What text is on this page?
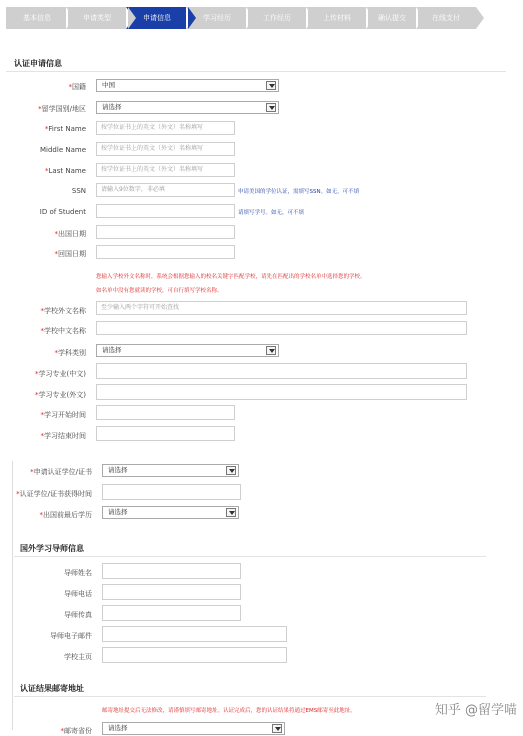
基本信息	申请类型	申请信息	学习经历	工作经历	上传材料	确认提交	在线支付
认证申请信息
*国籍	中国
*留学国别/地区	请选择
*First Name	按学位证书上的英文（外文）名称填写
Middle Name	按学位证书上的英文（外文）名称填写
*Last Name	按学位证书上的英文（外文）名称填写
SSN	请输入9位数字，非必填	申请美国的学位认证，需填写SSN。如无，可不填
ID of Student	请填写学号。如无，可不填
*出国日期
*回国日期
您输入学校外文名称时，系统会根据您输入的校名关键字匹配学校，请先在匹配出的学校名单中选择您的学校。
如名单中没有您就读的学校，可自行填写学校名称。
*学校外文名称	至少输入两个字符可开始查找
*学校中文名称
*学科类别	请选择
*学习专业(中文)
*学习专业(外文)
*学习开始时间
*学习结束时间
*申请认证学位/证书	请选择
*认证学位/证书获得时间
*出国前最后学历	请选择
国外学习导师信息
导师姓名
导师电话
导师传真
导师电子邮件
学校主页
认证结果邮寄地址
邮寄地址提交后无法修改，请谨慎填写邮寄地址。认证完成后，您的认证结果将通过EMS邮寄至此地址。
*邮寄省份	请选择
知乎 @留学喵
